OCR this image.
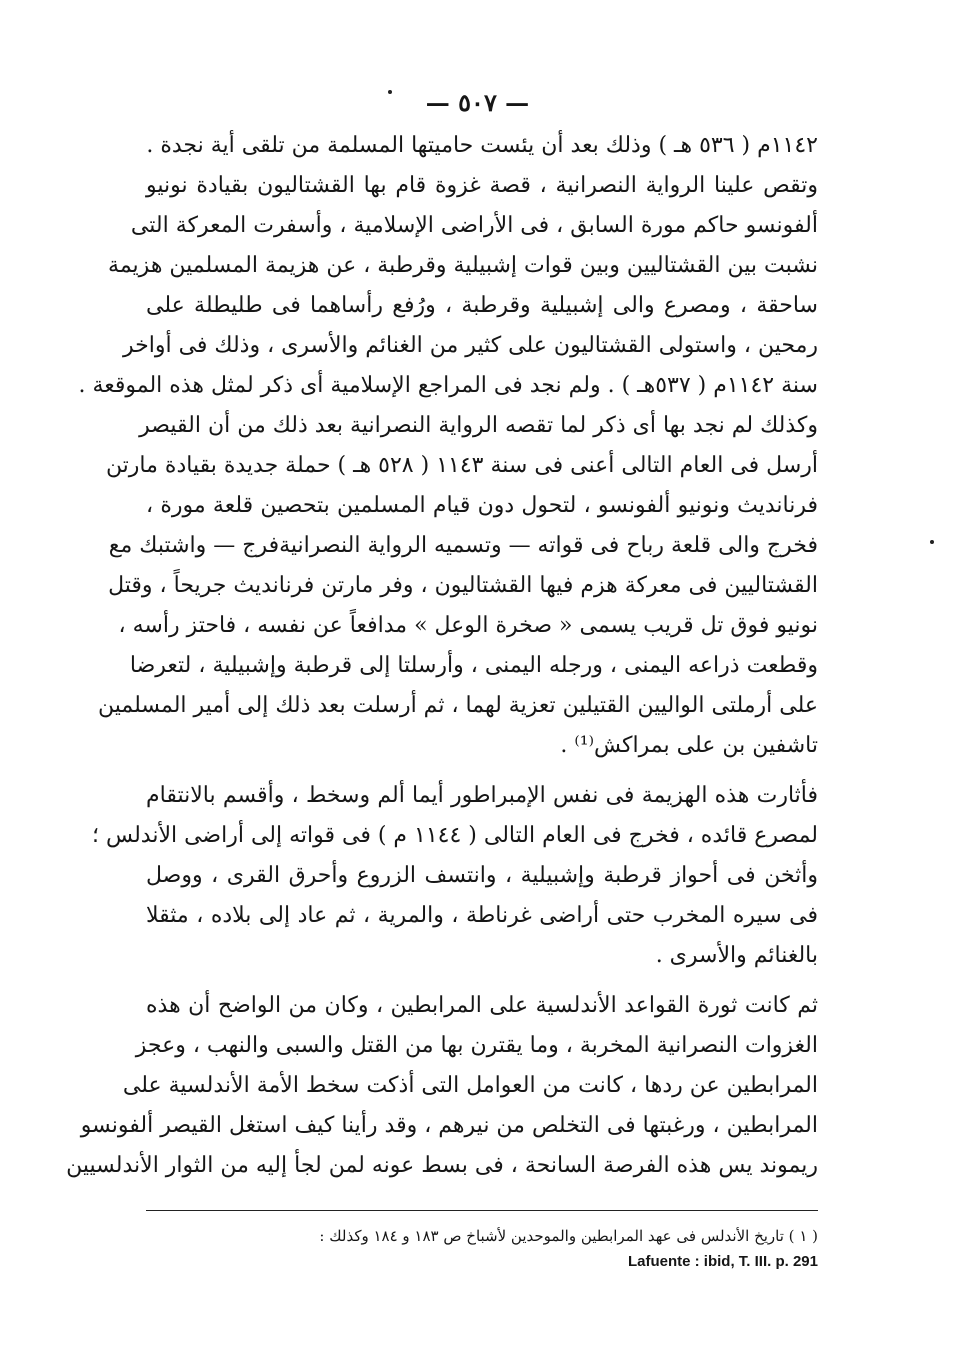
— ٥٠٧ —
١١٤٢م ( ٥٣٦ هـ ) وذلك بعد أن يئست حاميتها المسلمة من تلقى أية نجدة .
وتقص علينا الرواية النصرانية ، قصة غزوة قام بها القشتاليون بقيادة نونيو
ألفونسو حاكم مورة السابق ، فى الأراضى الإسلامية ، وأسفرت المعركة التى
نشبت بين القشتاليين وبين قوات إشبيلية وقرطبة ، عن هزيمة المسلمين هزيمة
ساحقة ، ومصرع والى إشبيلية وقرطبة ، ورُفع رأساهما فى طليطلة على
رمحين ، واستولى القشتاليون على كثير من الغنائم والأسرى ، وذلك فى أواخر
سنة ١١٤٢م ( ٥٣٧هـ ) . ولم نجد فى المراجع الإسلامية أى ذكر لمثل هذه الموقعة .
وكذلك لم نجد بها أى ذكر لما تقصه الرواية النصرانية بعد ذلك من أن القيصر
أرسل فى العام التالى أعنى فى سنة ١١٤٣ ( ٥٢٨ هـ ) حملة جديدة بقيادة مارتن
فرنانديث ونونيو ألفونسو ، لتحول دون قيام المسلمين بتحصين قلعة مورة ،
فخرج والى قلعة رباح فى قواته — وتسميه الرواية النصرانيةفرج — واشتبك مع
القشتاليين فى معركة هزم فيها القشتاليون ، وفر مارتن فرنانديث جريحاً ، وقتل
نونيو فوق تل قريب يسمى « صخرة الوعل » مدافعاً عن نفسه ، فاحتز رأسه ،
وقطعت ذراعه اليمنى ، ورجله اليمنى ، وأرسلتا إلى قرطبة وإشبيلية ، لتعرضا
على أرملتى الواليين القتيلين تعزية لهما ، ثم أرسلت بعد ذلك إلى أمير المسلمين
تاشفين بن على بمراكش⁽¹⁾ .
فأثارت هذه الهزيمة فى نفس الإمبراطور أيما ألم وسخط ، وأقسم بالانتقام
لمصرع قائده ، فخرج فى العام التالى ( ١١٤٤ م ) فى قواته إلى أراضى الأندلس ؛
وأثخن فى أحواز قرطبة وإشبيلية ، وانتسف الزروع وأحرق القرى ، ووصل
فى سيره المخرب حتى أراضى غرناطة ، والمرية ، ثم عاد إلى بلاده ، مثقلا
بالغنائم والأسرى .
ثم كانت ثورة القواعد الأندلسية على المرابطين ، وكان من الواضح أن هذه
الغزوات النصرانية المخربة ، وما يقترن بها من القتل والسبى والنهب ، وعجز
المرابطين عن ردها ، كانت من العوامل التى أذكت سخط الأمة الأندلسية على
المرابطين ، ورغبتها فى التخلص من نيرهم ، وقد رأينا كيف استغل القيصر ألفونسو
ريموند يس هذه الفرصة السانحة ، فى بسط عونه لمن لجأ إليه من الثوار الأندلسيين
( ١ ) تاريخ الأندلس فى عهد المرابطين والموحدين لأشباخ ص ١٨٣ و ١٨٤ وكذلك :
Lafuente : ibid, T. III. p. 291
